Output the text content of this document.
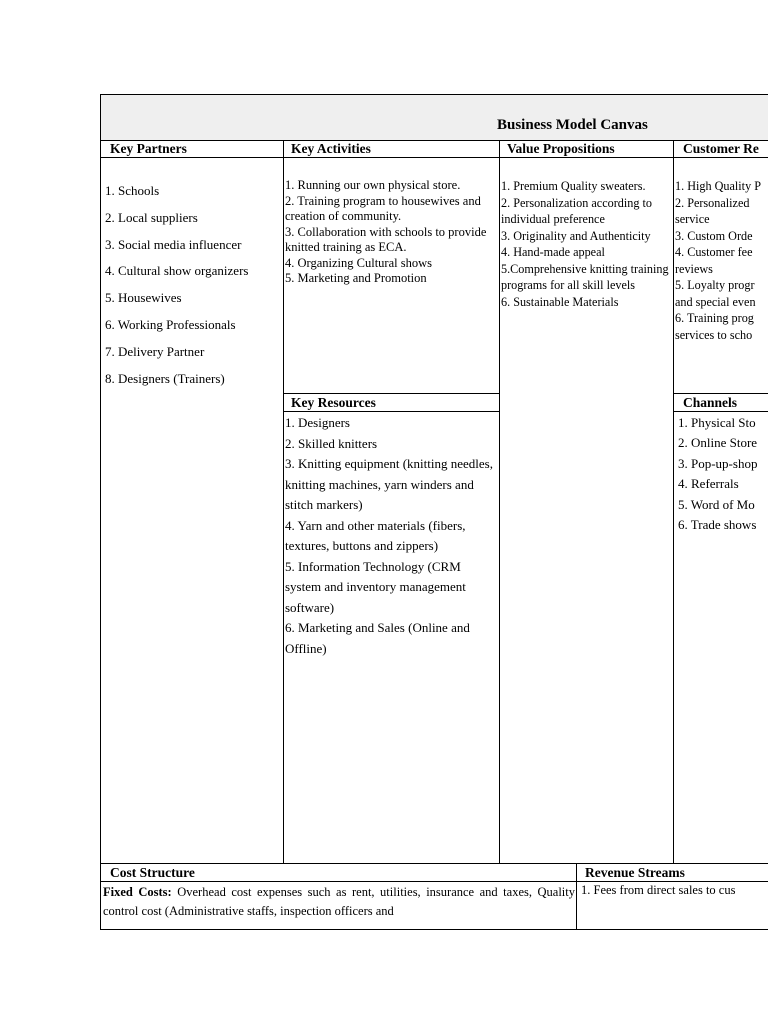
Business Model Canvas
Key Partners
1. Schools
2. Local suppliers
3. Social media influencer
4. Cultural show organizers
5. Housewives
6. Working Professionals
7. Delivery Partner
8. Designers (Trainers)
Key Activities
1. Running our own physical store.
2. Training program to housewives and creation of community.
3. Collaboration with schools to provide knitted training as ECA.
4. Organizing Cultural shows
5. Marketing and Promotion
Value Propositions
1. Premium Quality sweaters.
2. Personalization according to individual preference
3. Originality and Authenticity
4. Hand-made appeal
5.Comprehensive knitting training programs for all skill levels
6. Sustainable Materials
Customer Re
1. High Quality P
2. Personalized
service
3. Custom Orde
4. Customer fee
reviews
5. Loyalty progr
and special even
6. Training prog
services to scho
Key Resources
1. Designers
2. Skilled knitters
3. Knitting equipment (knitting needles, knitting machines, yarn winders and stitch markers)
4. Yarn and other materials (fibers, textures, buttons and zippers)
5. Information Technology (CRM system and inventory management software)
6. Marketing and Sales (Online and Offline)
Channels
1. Physical Sto
2. Online Store
3. Pop-up-shop
4. Referrals
5. Word of Mo
6. Trade shows
Cost Structure
Fixed Costs: Overhead cost expenses such as rent, utilities, insurance and taxes, Quality control cost (Administrative staffs, inspection officers and
Revenue Streams
1. Fees from direct sales to cus
